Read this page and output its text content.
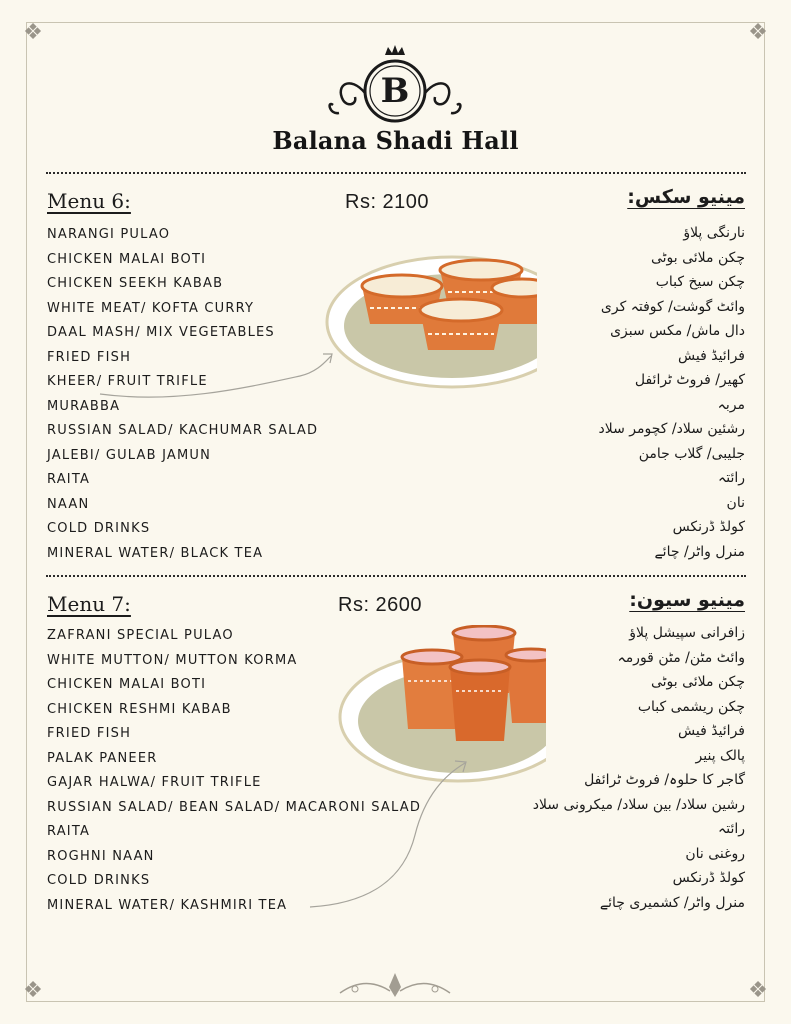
❖	❖
❖	❖
B
Balana Shadi Hall
Menu 6:	Rs: 2100	مینیو سکس:
NARANGI PULAO
CHICKEN MALAI BOTI
CHICKEN SEEKH KABAB
WHITE MEAT/ KOFTA CURRY
DAAL MASH/ MIX VEGETABLES
FRIED FISH
KHEER/ FRUIT TRIFLE
MURABBA
RUSSIAN SALAD/ KACHUMAR SALAD
JALEBI/ GULAB JAMUN
RAITA
NAAN
COLD DRINKS
MINERAL WATER/ BLACK TEA
نارنگی پلاؤ
چکن ملائی بوٹی
چکن سیخ کباب
وائٹ گوشت/ کوفتہ کری
دال ماش/ مکس سبزی
فرائیڈ فیش
کھیر/ فروٹ ٹرائفل
مربہ
رشئین سلاد/ کچومر سلاد
جلیبی/ گلاب جامن
رائتہ
نان
کولڈ ڈرنکس
منرل واٹر/ چائے
Menu 7:	Rs: 2600	مینیو سیون:
ZAFRANI SPECIAL PULAO
WHITE MUTTON/ MUTTON KORMA
CHICKEN MALAI BOTI
CHICKEN RESHMI KABAB
FRIED FISH
PALAK PANEER
GAJAR HALWA/ FRUIT TRIFLE
RUSSIAN SALAD/ BEAN SALAD/ MACARONI SALAD
RAITA
ROGHNI NAAN
COLD DRINKS
MINERAL WATER/ KASHMIRI TEA
زافرانی سپیشل پلاؤ
وائٹ مٹن/ مٹن قورمہ
چکن ملائی بوٹی
چکن ریشمی کباب
فرائیڈ فیش
پالک پنیر
گاجر کا حلوہ/ فروٹ ٹرائفل
رشین سلاد/ بین سلاد/ میکرونی سلاد
رائتہ
روغنی نان
کولڈ ڈرنکس
منرل واٹر/ کشمیری چائے
